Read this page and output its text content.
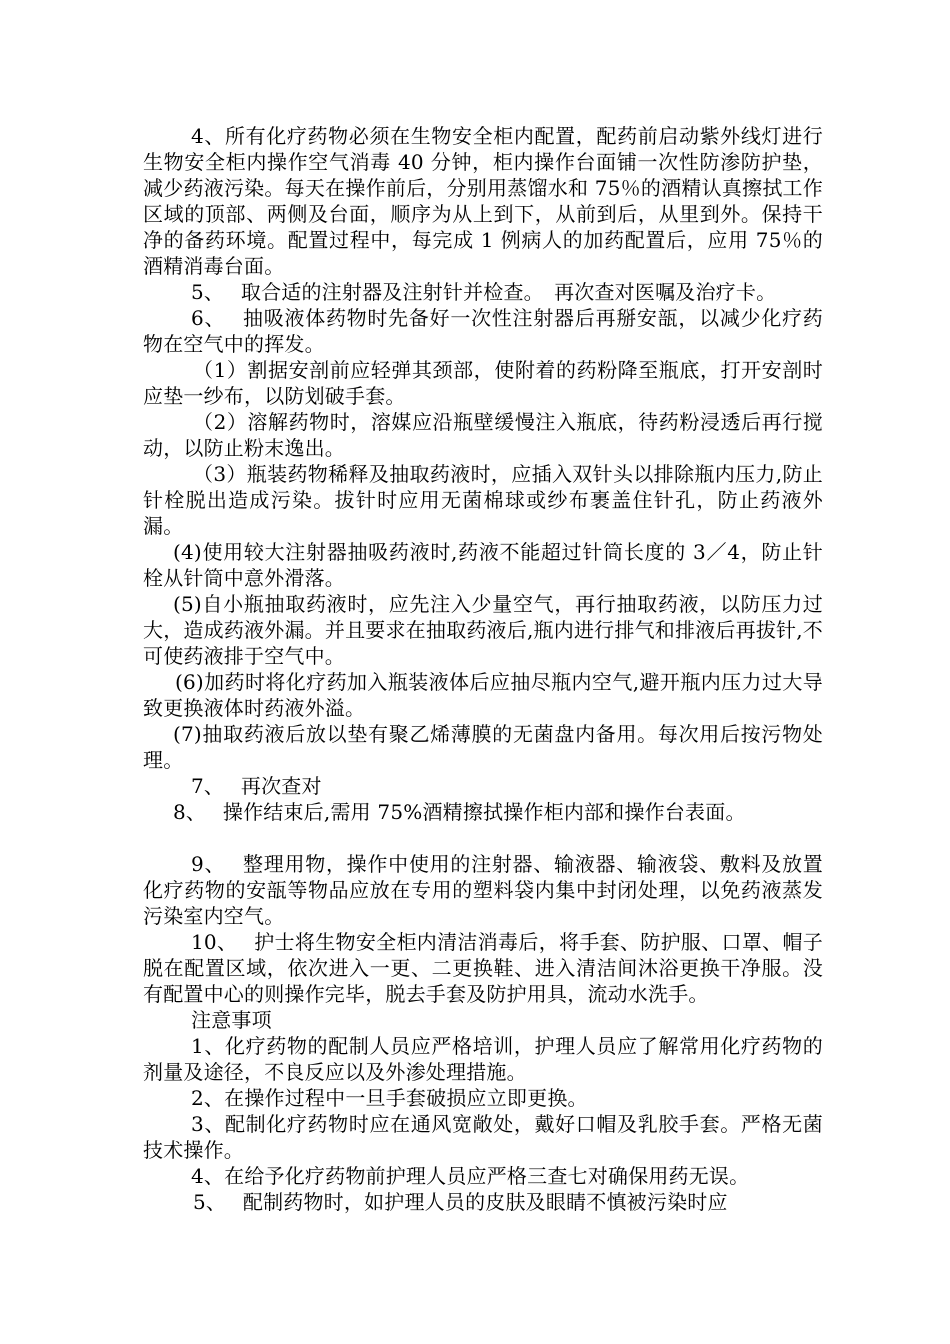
4、所有化疗药物必须在生物安全柜内配置，配药前启动紫外线灯进行生物安全柜内操作空气消毒 40 分钟，柜内操作台面铺一次性防渗防护垫，减少药液污染。每天在操作前后，分别用蒸馏水和 75％的酒精认真擦拭工作区域的顶部、两侧及台面，顺序为从上到下，从前到后，从里到外。保持干净的备药环境。配置过程中，每完成 1 例病人的加药配置后，应用 75％的酒精消毒台面。

5、　 取合适的注射器及注射针并检查。　再次查对医嘱及治疗卡。

6、　 抽吸液体药物时先备好一次性注射器后再掰安瓿，以减少化疗药物在空气中的挥发。

（1）割据安剖前应轻弹其颈部，使附着的药粉降至瓶底，打开安剖时应垫一纱布，以防划破手套。

（2）溶解药物时，溶媒应沿瓶壁缓慢注入瓶底，待药粉浸透后再行搅动，以防止粉末逸出。

（3）瓶装药物稀释及抽取药液时，应插入双针头以排除瓶内压力,防止针栓脱出造成污染。拔针时应用无菌棉球或纱布裹盖住针孔，防止药液外漏。

(4)使用较大注射器抽吸药液时,药液不能超过针筒长度的 3／4，防止针栓从针筒中意外滑落。

(5)自小瓶抽取药液时，应先注入少量空气，再行抽取药液，以防压力过大，造成药液外漏。并且要求在抽取药液后,瓶内进行排气和排液后再拔针,不可使药液排于空气中。

(6)加药时将化疗药加入瓶装液体后应抽尽瓶内空气,避开瓶内压力过大导致更换液体时药液外溢。

(7)抽取药液后放以垫有聚乙烯薄膜的无菌盘内备用。每次用后按污物处理。

7、　 再次查对

8、　 操作结束后,需用 75%酒精擦拭操作柜内部和操作台表面。

9、　 整理用物，操作中使用的注射器、输液器、输液袋、敷料及放置化疗药物的安瓿等物品应放在专用的塑料袋内集中封闭处理，以免药液蒸发污染室内空气。

10、　 护士将生物安全柜内清洁消毒后，将手套、防护服、口罩、帽子脱在配置区域，依次进入一更、二更换鞋、进入清洁间沐浴更换干净服。没有配置中心的则操作完毕，脱去手套及防护用具，流动水洗手。

注意事项

1、化疗药物的配制人员应严格培训，护理人员应了解常用化疗药物的剂量及途径，不良反应以及外渗处理措施。

2、在操作过程中一旦手套破损应立即更换。

3、配制化疗药物时应在通风宽敞处，戴好口帽及乳胶手套。严格无菌技术操作。

4、在给予化疗药物前护理人员应严格三查七对确保用药无误。

5、　 配制药物时，如护理人员的皮肤及眼睛不慎被污染时应
